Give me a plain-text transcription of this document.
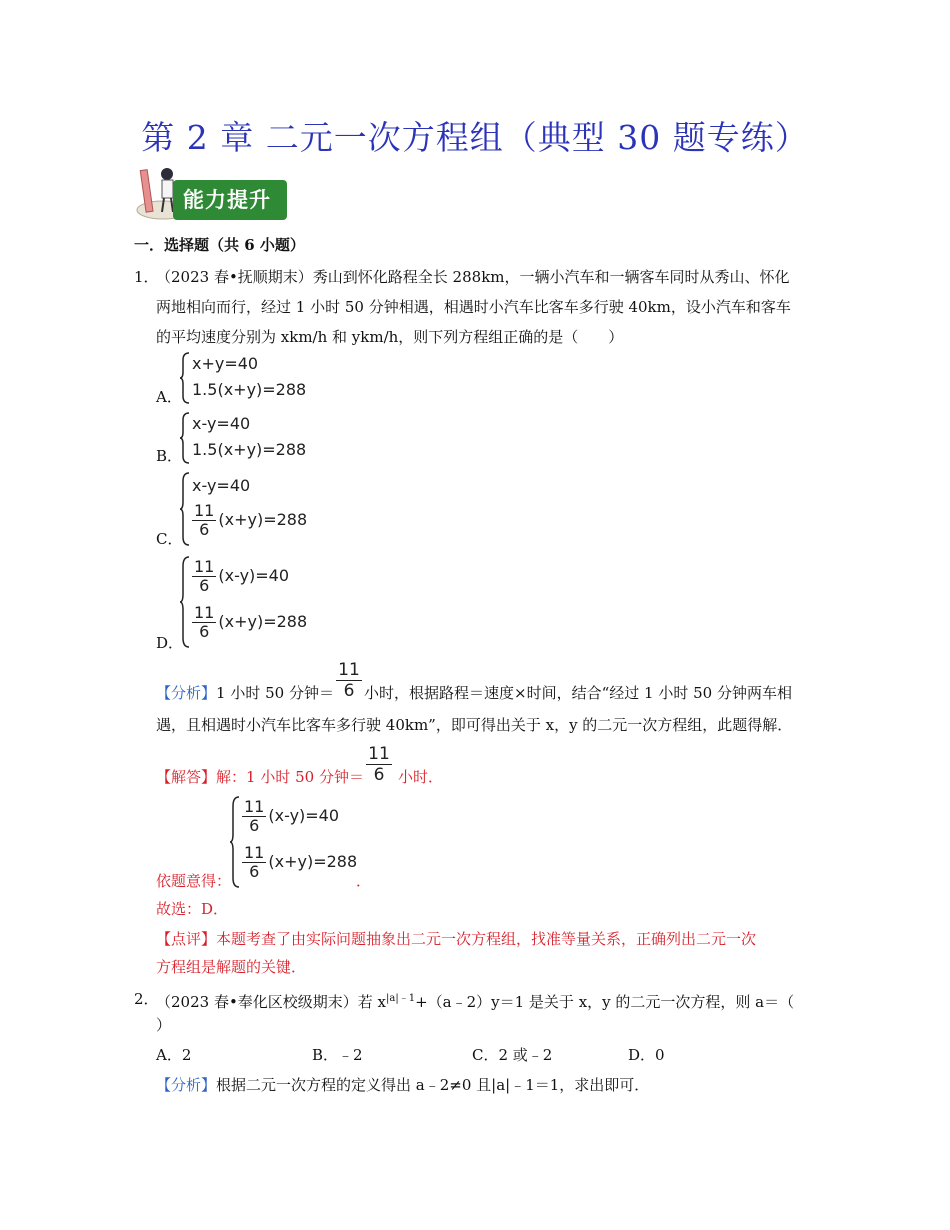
第 2 章 二元一次方程组（典型 30 题专练）
能力提升
一．选择题（共 6 小题）
1．
（2023 春•抚顺期末）秀山到怀化路程全长 288km，一辆小汽车和一辆客车同时从秀山、怀化
两地相向而行，经过 1 小时 50 分钟相遇，相遇时小汽车比客车多行驶 40km，设小汽车和客车
的平均速度分别为 xkm/h 和 ykm/h，则下列方程组正确的是（　　）
A．
x+y=40
1.5(x+y)=288
B．
x-y=40
1.5(x+y)=288
C．
x-y=40
$\frac{11}{6} (x+y)=288$
D．
$\frac{11}{6} (x-y)=40$
$\frac{11}{6} (x+y)=288$
【分析】1 小时 50 分钟＝
11
6 小时，根据路程＝速度×时间，结合“经过 1 小时 50 分钟两车相
遇，且相遇时小汽车比客车多行驶 40km”，即可得出关于 x，y 的二元一次方程组，此题得解．
【解答】解：1 小时 50 分钟＝
11
6 小时．
$\frac{11}{6} (x-y)=40$
$\frac{11}{6} (x+y)=288$
依题意得：	．
故选：D．
【点评】本题考查了由实际问题抽象出二元一次方程组，找准等量关系，正确列出二元一次
方程组是解题的关键．
2．
（2023 春•奉化区校级期末）若 $x^{|a|﹣1}+(a﹣2)y=1$ 是关于 x，y 的二元一次方程，则 a＝（
）
A．2	B．﹣2	C．2 或﹣2	D．0
【分析】根据二元一次方程的定义得出 a﹣2≠0 且|a|﹣1＝1，求出即可．
